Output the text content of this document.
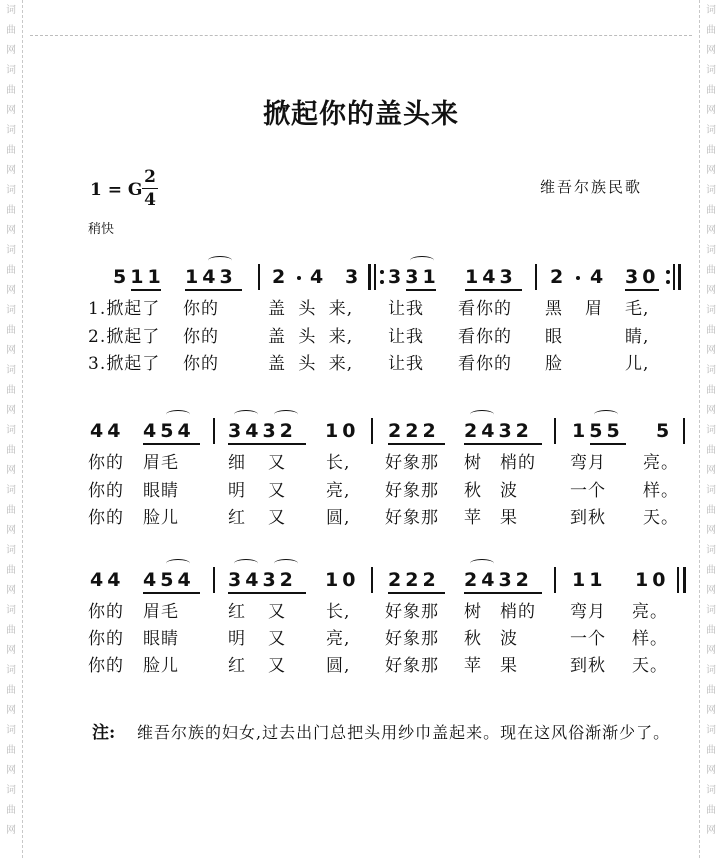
词
曲
网
词
曲
网
词
曲
网
词
曲
网
词
曲
网
词
曲
网
词
曲
网
词
曲
网
词
曲
网
词
曲
网
词
曲
网
词
曲
网
词
曲
网
词
曲
网
词
曲
网
词
曲
网
词
曲
网
词
曲
网
词
曲
网
词
曲
网
词
曲
网
词
曲
网
词
曲
网
词
曲
网
词
曲
网
词
曲
网
词
曲
网
词
曲
网
掀起你的盖头来
1 = G $\frac{2}{4}$	维吾尔族民歌
稍快
511 143 2 4 3 331 143 2 4 30
1.掀起了 你的	盖 头 来, 让我 看你的 黑 眉 毛,
2.掀起了 你的	盖 头 来, 让我 看你的 眼	睛,
3.掀起了 你的	盖 头 来, 让我 看你的 脸	儿,
44 454 3432 10 222 2432 155 5
你的 眉毛	细 又 长, 好象那 树 梢的 弯月 亮。
你的 眼睛	明 又 亮, 好象那 秋 波	一个 样。
你的 脸儿	红 又 圆, 好象那 苹 果	到秋 天。
44 454 3432 10 222 2432 11 10
你的 眉毛	红 又 长, 好象那 树 梢的 弯月 亮。
你的 眼睛	明 又 亮, 好象那 秋 波	一个 样。
你的 脸儿	红 又 圆, 好象那 苹 果	到秋 天。
注: 维吾尔族的妇女,过去出门总把头用纱巾盖起来。现在这风俗渐渐少了。
